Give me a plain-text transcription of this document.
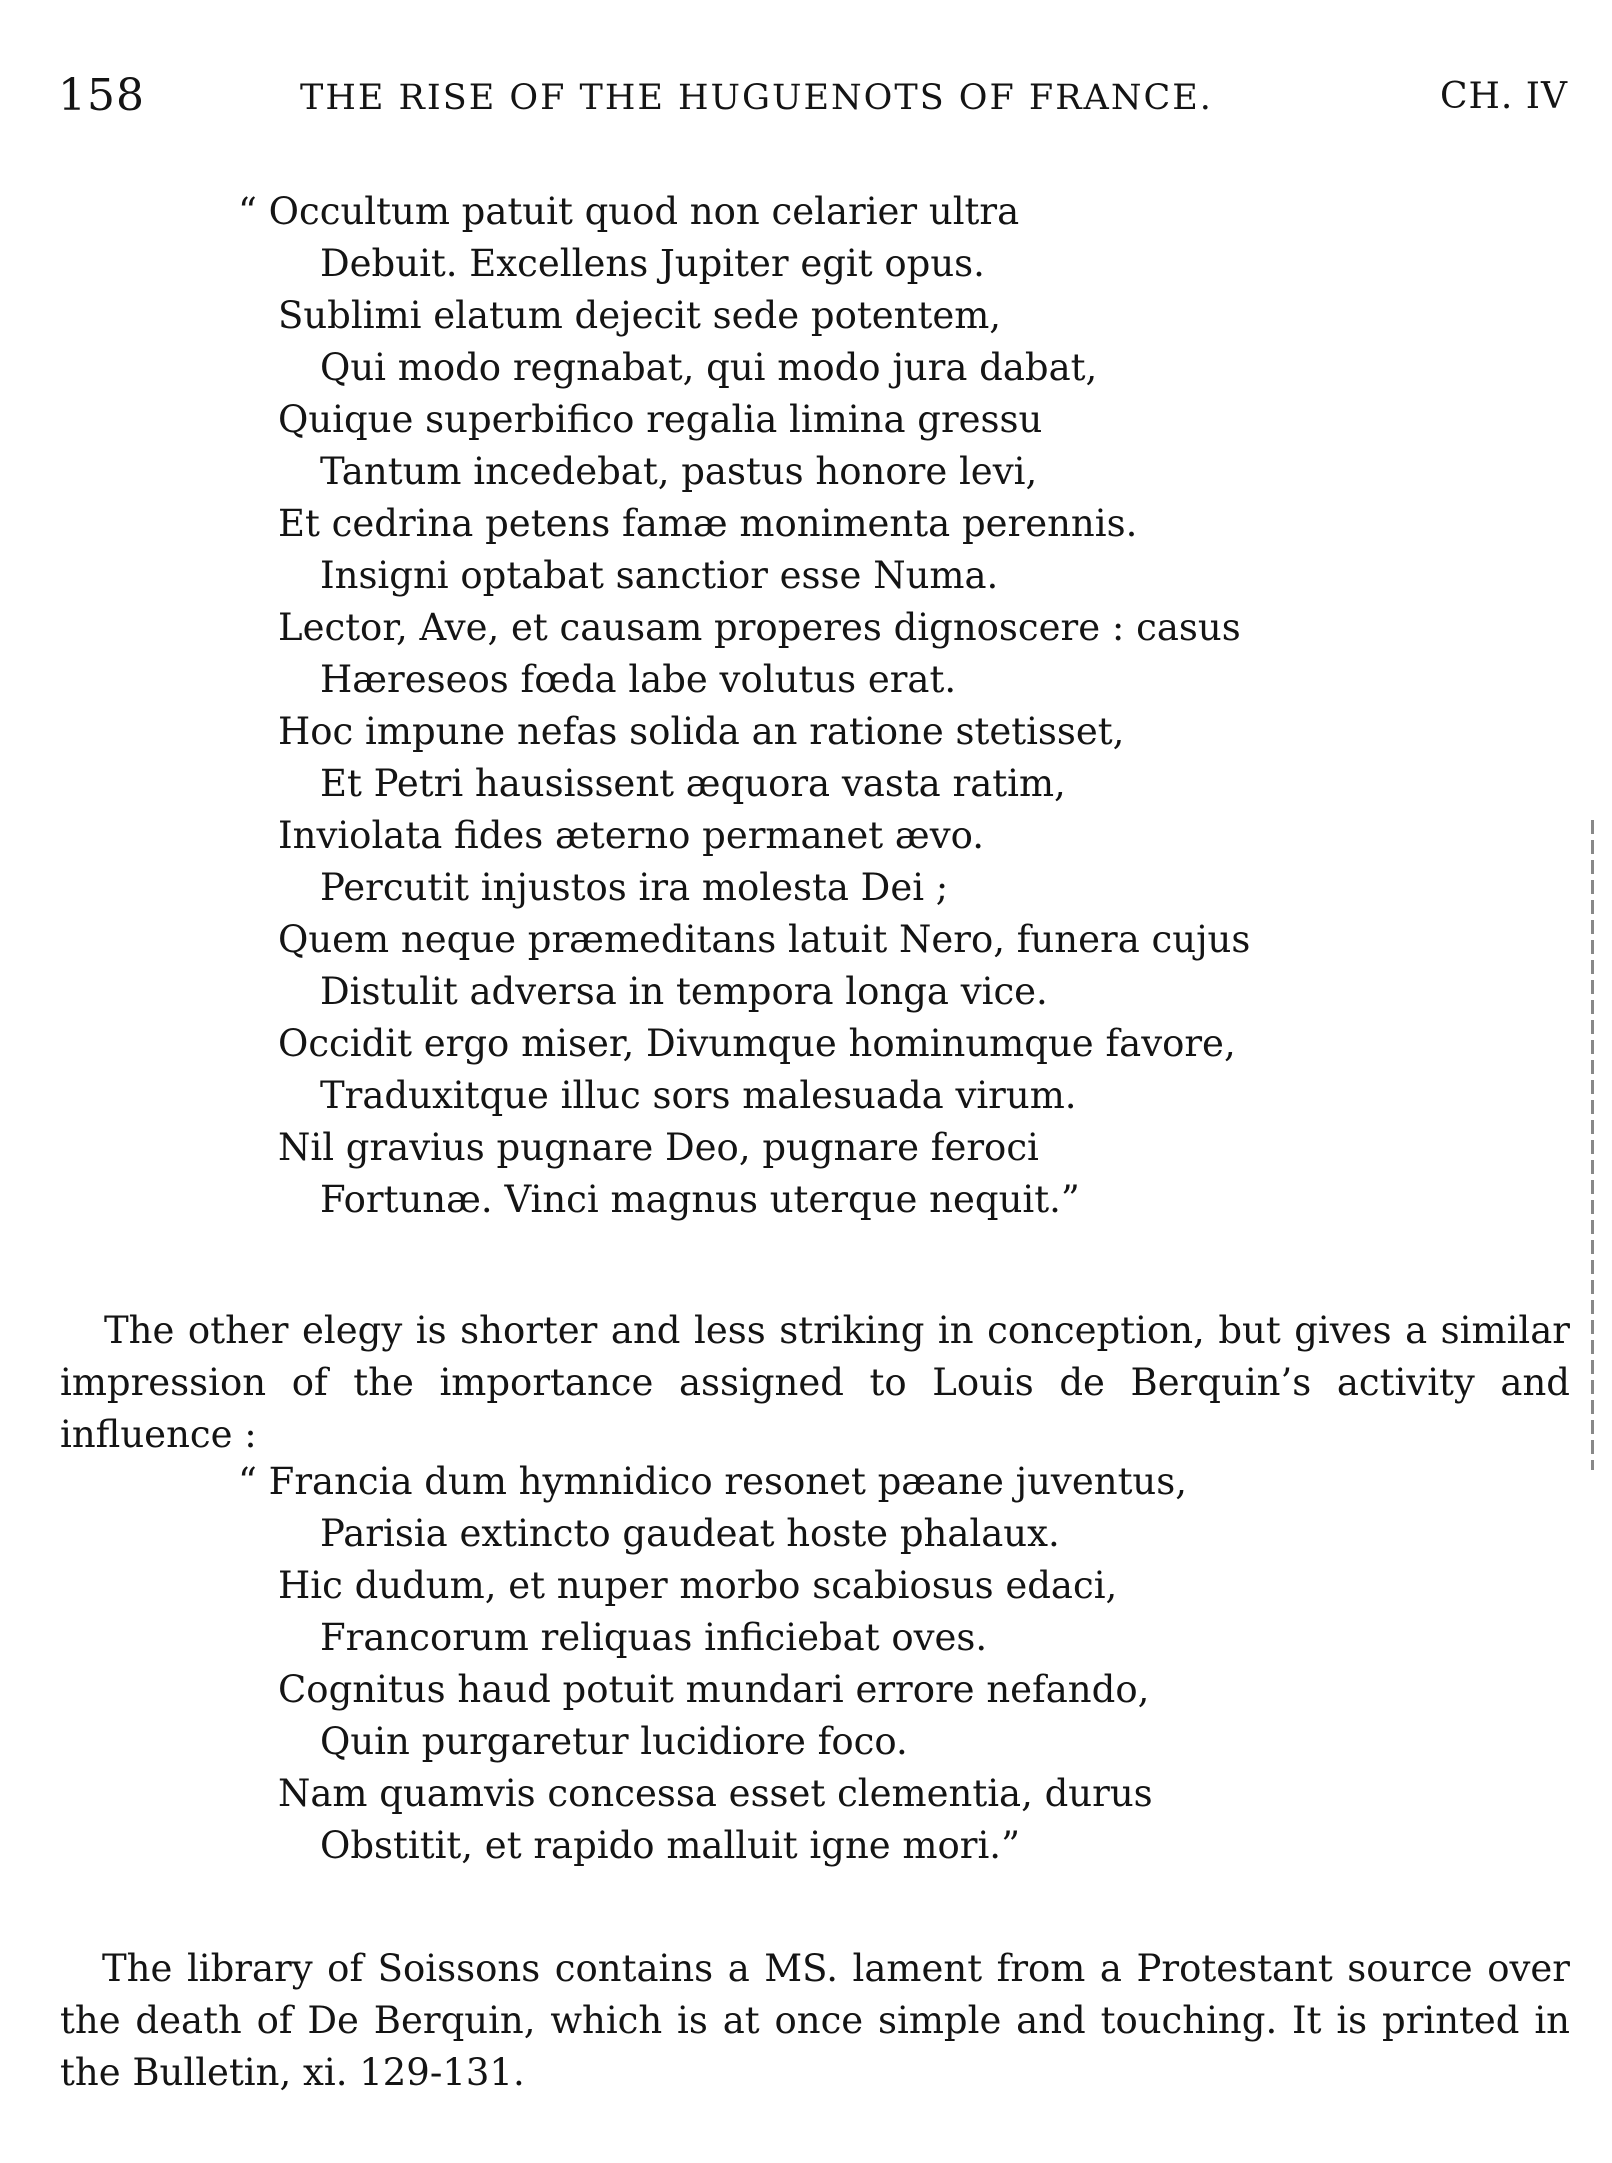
158	THE RISE OF THE HUGUENOTS OF FRANCE.	CH. IV
“ Occultum patuit quod non celarier ultra
Debuit. Excellens Jupiter egit opus.
Sublimi elatum dejecit sede potentem,
Qui modo regnabat, qui modo jura dabat,
Quique superbifico regalia limina gressu
Tantum incedebat, pastus honore levi,
Et cedrina petens famæ monimenta perennis.
Insigni optabat sanctior esse Numa.
Lector, Ave, et causam properes dignoscere : casus
Hæreseos fœda labe volutus erat.
Hoc impune nefas solida an ratione stetisset,
Et Petri hausissent æquora vasta ratim,
Inviolata fides æterno permanet ævo.
Percutit injustos ira molesta Dei ;
Quem neque præmeditans latuit Nero, funera cujus
Distulit adversa in tempora longa vice.
Occidit ergo miser, Divumque hominumque favore,
Traduxitque illuc sors malesuada virum.
Nil gravius pugnare Deo, pugnare feroci
Fortunæ. Vinci magnus uterque nequit.”

The other elegy is shorter and less striking in conception, but gives a similar impression of the importance assigned to Louis de Berquin’s activity and influence :

“ Francia dum hymnidico resonet pæane juventus,
Parisia extincto gaudeat hoste phalaux.
Hic dudum, et nuper morbo scabiosus edaci,
Francorum reliquas inficiebat oves.
Cognitus haud potuit mundari errore nefando,
Quin purgaretur lucidiore foco.
Nam quamvis concessa esset clementia, durus
Obstitit, et rapido malluit igne mori.”

The library of Soissons contains a MS. lament from a Protestant source over the death of De Berquin, which is at once simple and touching. It is printed in the Bulletin, xi. 129-131.
